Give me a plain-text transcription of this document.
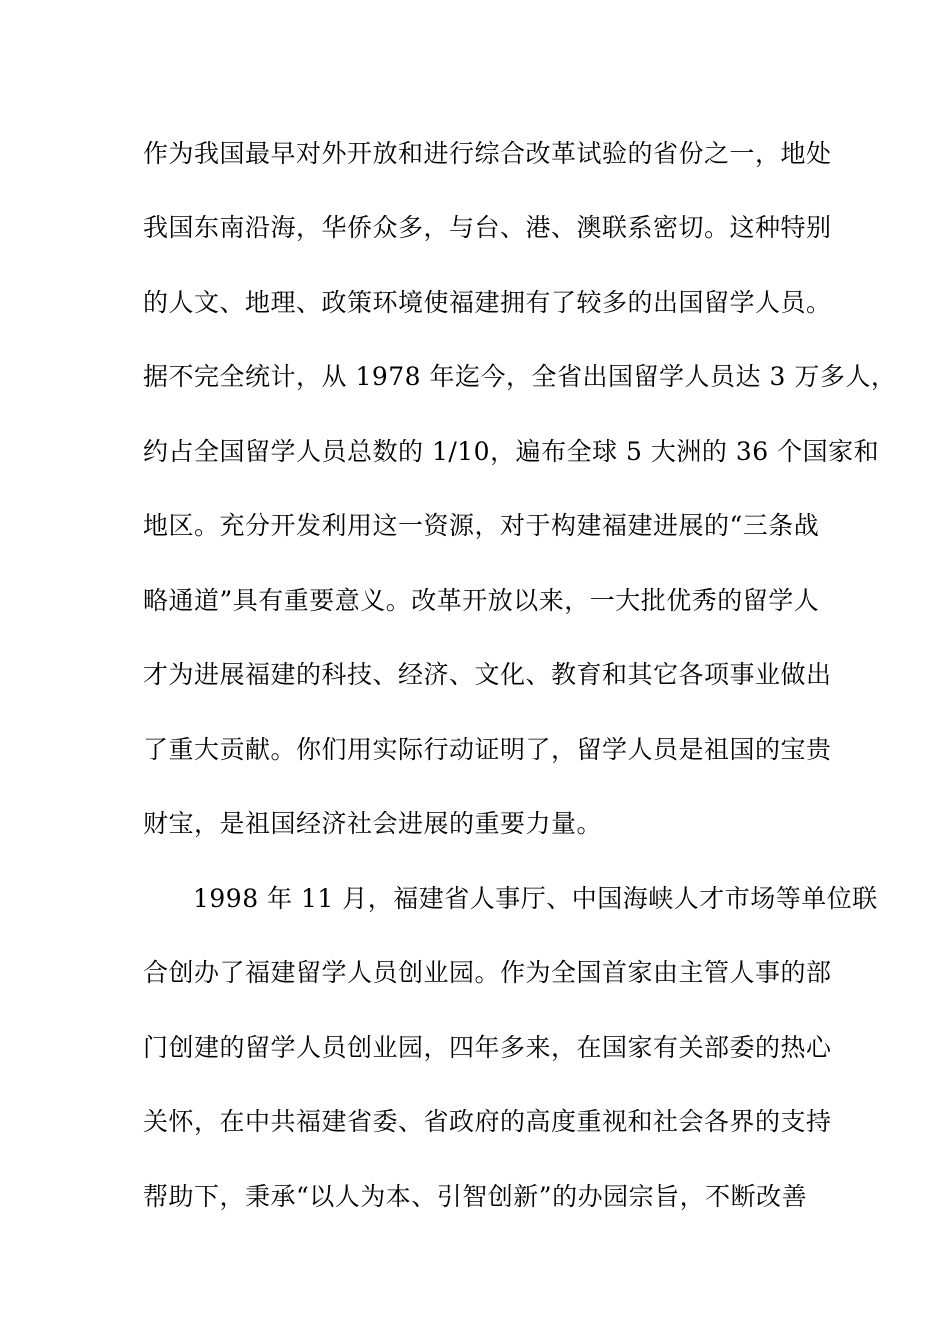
作为我国最早对外开放和进行综合改革试验的省份之一，地处
我国东南沿海，华侨众多，与台、港、澳联系密切。这种特别
的人文、地理、政策环境使福建拥有了较多的出国留学人员。
据不完全统计，从 1978 年迄今，全省出国留学人员达 3 万多人，
约占全国留学人员总数的 1/10，遍布全球 5 大洲的 36 个国家和
地区。充分开发利用这一资源，对于构建福建进展的“三条战
略通道”具有重要意义。改革开放以来，一大批优秀的留学人
才为进展福建的科技、经济、文化、教育和其它各项事业做出
了重大贡献。你们用实际行动证明了，留学人员是祖国的宝贵
财宝，是祖国经济社会进展的重要力量。
1998 年 11 月，福建省人事厅、中国海峡人才市场等单位联
合创办了福建留学人员创业园。作为全国首家由主管人事的部
门创建的留学人员创业园，四年多来，在国家有关部委的热心
关怀，在中共福建省委、省政府的高度重视和社会各界的支持
帮助下，秉承“以人为本、引智创新”的办园宗旨，不断改善
